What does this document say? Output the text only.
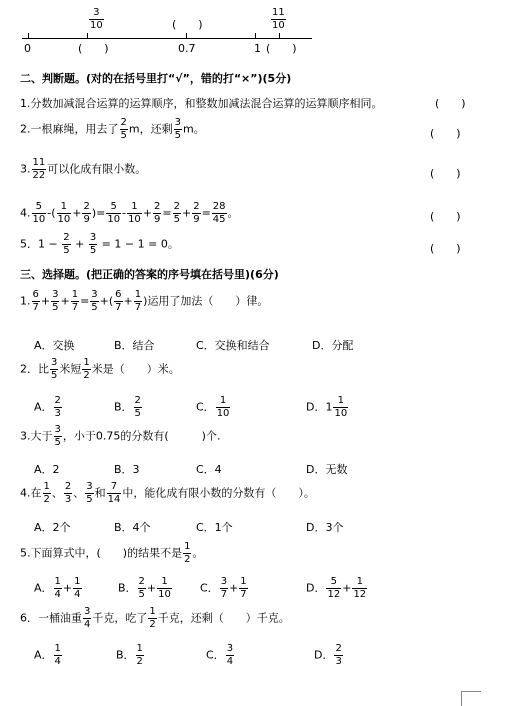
$\frac{3}{10}$	(　　)	$\frac{11}{10}$
0	(　　)	0.7	1 (　　)
二、判断题。(对的在括号里打“√”，错的打“×”)(5分)
1.分数加减混合运算的运算顺序，和整数加减法混合运算的运算顺序相同。	(　　)
2.一根麻绳，用去了 $\frac{2}{5}$ m，还剩 $\frac{3}{5}$ m。	(　　)
3. $\frac{11}{22}$ 可以化成有限小数。	(　　)
4. $\frac{5}{10}$ -( $\frac{1}{10} + \frac{2}{9}$ )= $\frac{5}{10} - \frac{1}{10} + \frac{2}{9} = \frac{2}{5} + \frac{2}{9} = \frac{28}{45}$ 。	(　　)
5．$1 - \frac{2}{5} + \frac{3}{5} = 1 - 1 = 0$。	(　　)
三、选择题。(把正确的答案的序号填在括号里)(6分)
1. $\frac{6}{7} + \frac{3}{5} + \frac{1}{7} = \frac{3}{5}$ +( $\frac{6}{7} + \frac{1}{7}$ )运用了加法（　　）律。
A．交换	B．结合	C．交换和结合	D．分配
2．比 $\frac{3}{5}$ 米短 $\frac{1}{2}$ 米是（　　）米。
A． $\frac{2}{3}$	B． $\frac{2}{5}$	C． $\frac{1}{10}$	D．$1 \frac{1}{10}$
3.大于 $\frac{3}{5}$ ，小于0.75的分数有(　　　)个.
A．2	B．3	C．4	D．无数
4.在 $\frac{1}{2}$ 、 $\frac{2}{3}$ 、 $\frac{3}{5}$ 和 $\frac{7}{14}$ 中，能化成有限小数的分数有（　　）。
A．2个	B．4个	C．1个	D．3个
5.下面算式中，(　　)的结果不是 $\frac{1}{2}$ 。
A． $\frac{1}{4} + \frac{1}{4}$	B． $\frac{2}{5} + \frac{1}{10}$	C． $\frac{3}{7} + \frac{1}{7}$	D． $\frac{5}{12} + \frac{1}{12}$
6．一桶油重 $\frac{3}{4}$ 千克，吃了 $\frac{1}{2}$ 千克，还剩（　　）千克。
A． $\frac{1}{4}$	B． $\frac{1}{2}$	C． $\frac{3}{4}$	D． $\frac{2}{3}$
